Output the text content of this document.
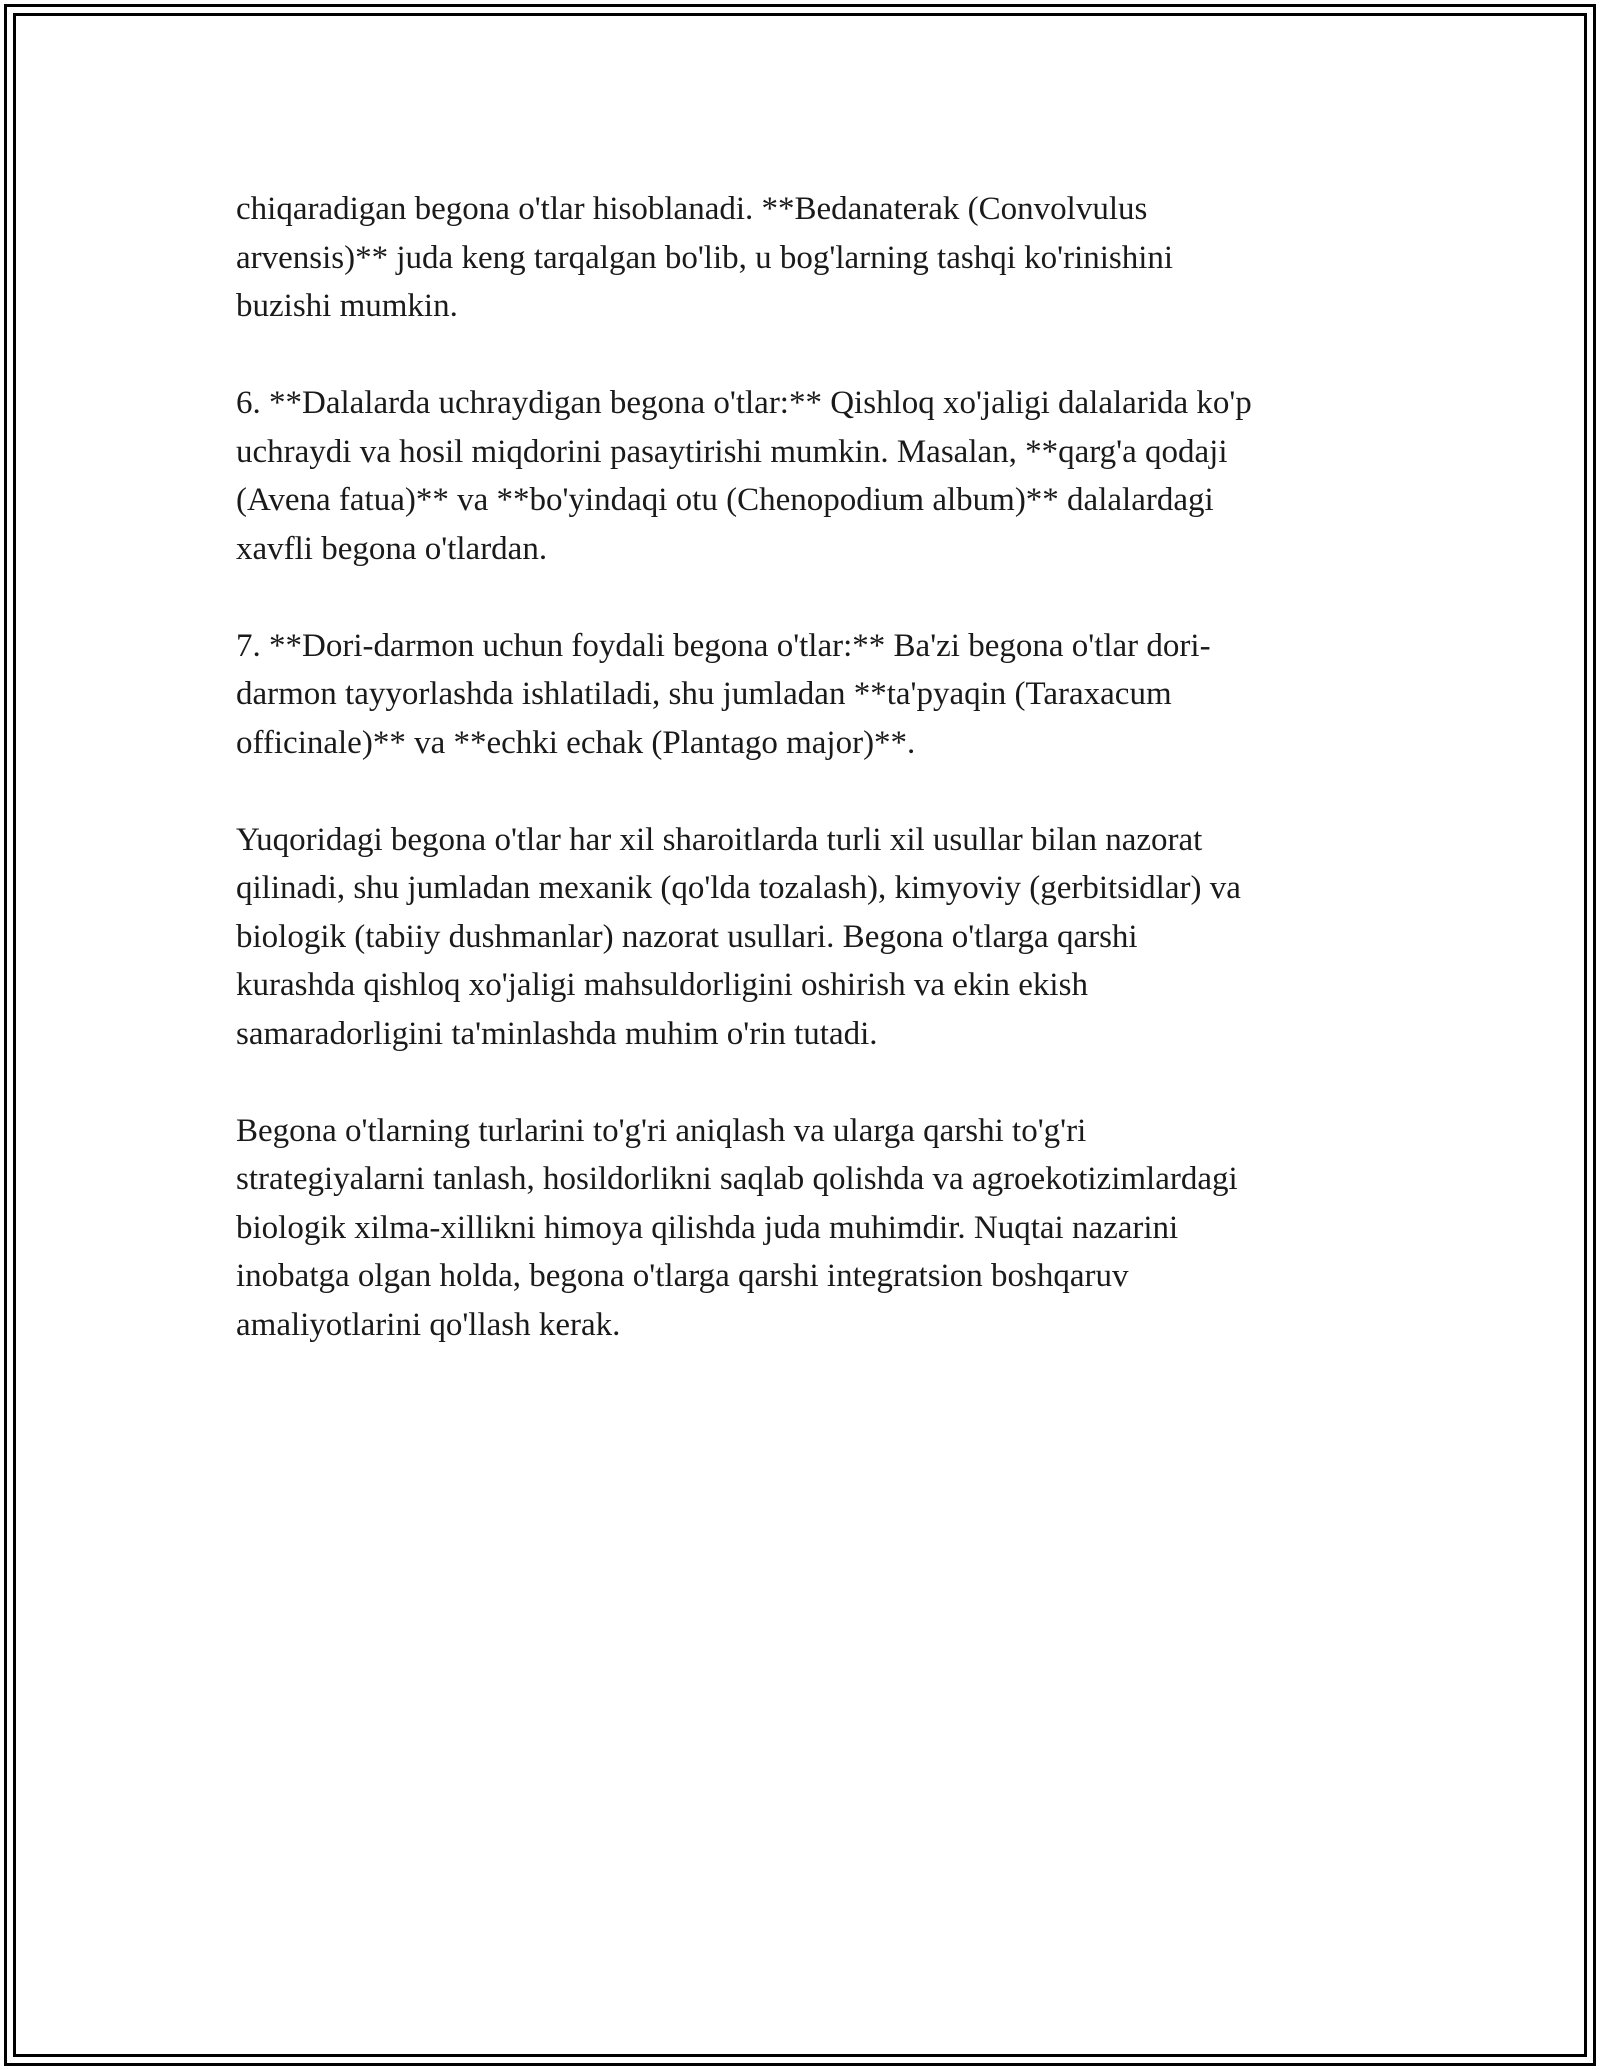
chiqaradigan begona o'tlar hisoblanadi. **Bedanaterak (Convolvulus
arvensis)** juda keng tarqalgan bo'lib, u bog'larning tashqi ko'rinishini
buzishi mumkin.

6. **Dalalarda uchraydigan begona o'tlar:** Qishloq xo'jaligi dalalarida ko'p
uchraydi va hosil miqdorini pasaytirishi mumkin. Masalan, **qarg'a qodaji
(Avena fatua)** va **bo'yindaqi otu (Chenopodium album)** dalalardagi
xavfli begona o'tlardan.

7. **Dori-darmon uchun foydali begona o'tlar:** Ba'zi begona o'tlar dori-
darmon tayyorlashda ishlatiladi, shu jumladan **ta'pyaqin (Taraxacum
officinale)** va **echki echak (Plantago major)**.

Yuqoridagi begona o'tlar har xil sharoitlarda turli xil usullar bilan nazorat
qilinadi, shu jumladan mexanik (qo'lda tozalash), kimyoviy (gerbitsidlar) va
biologik (tabiiy dushmanlar) nazorat usullari. Begona o'tlarga qarshi
kurashda qishloq xo'jaligi mahsuldorligini oshirish va ekin ekish
samaradorligini ta'minlashda muhim o'rin tutadi.

Begona o'tlarning turlarini to'g'ri aniqlash va ularga qarshi to'g'ri
strategiyalarni tanlash, hosildorlikni saqlab qolishda va agroekotizimlardagi
biologik xilma-xillikni himoya qilishda juda muhimdir. Nuqtai nazarini
inobatga olgan holda, begona o'tlarga qarshi integratsion boshqaruv
amaliyotlarini qo'llash kerak.
